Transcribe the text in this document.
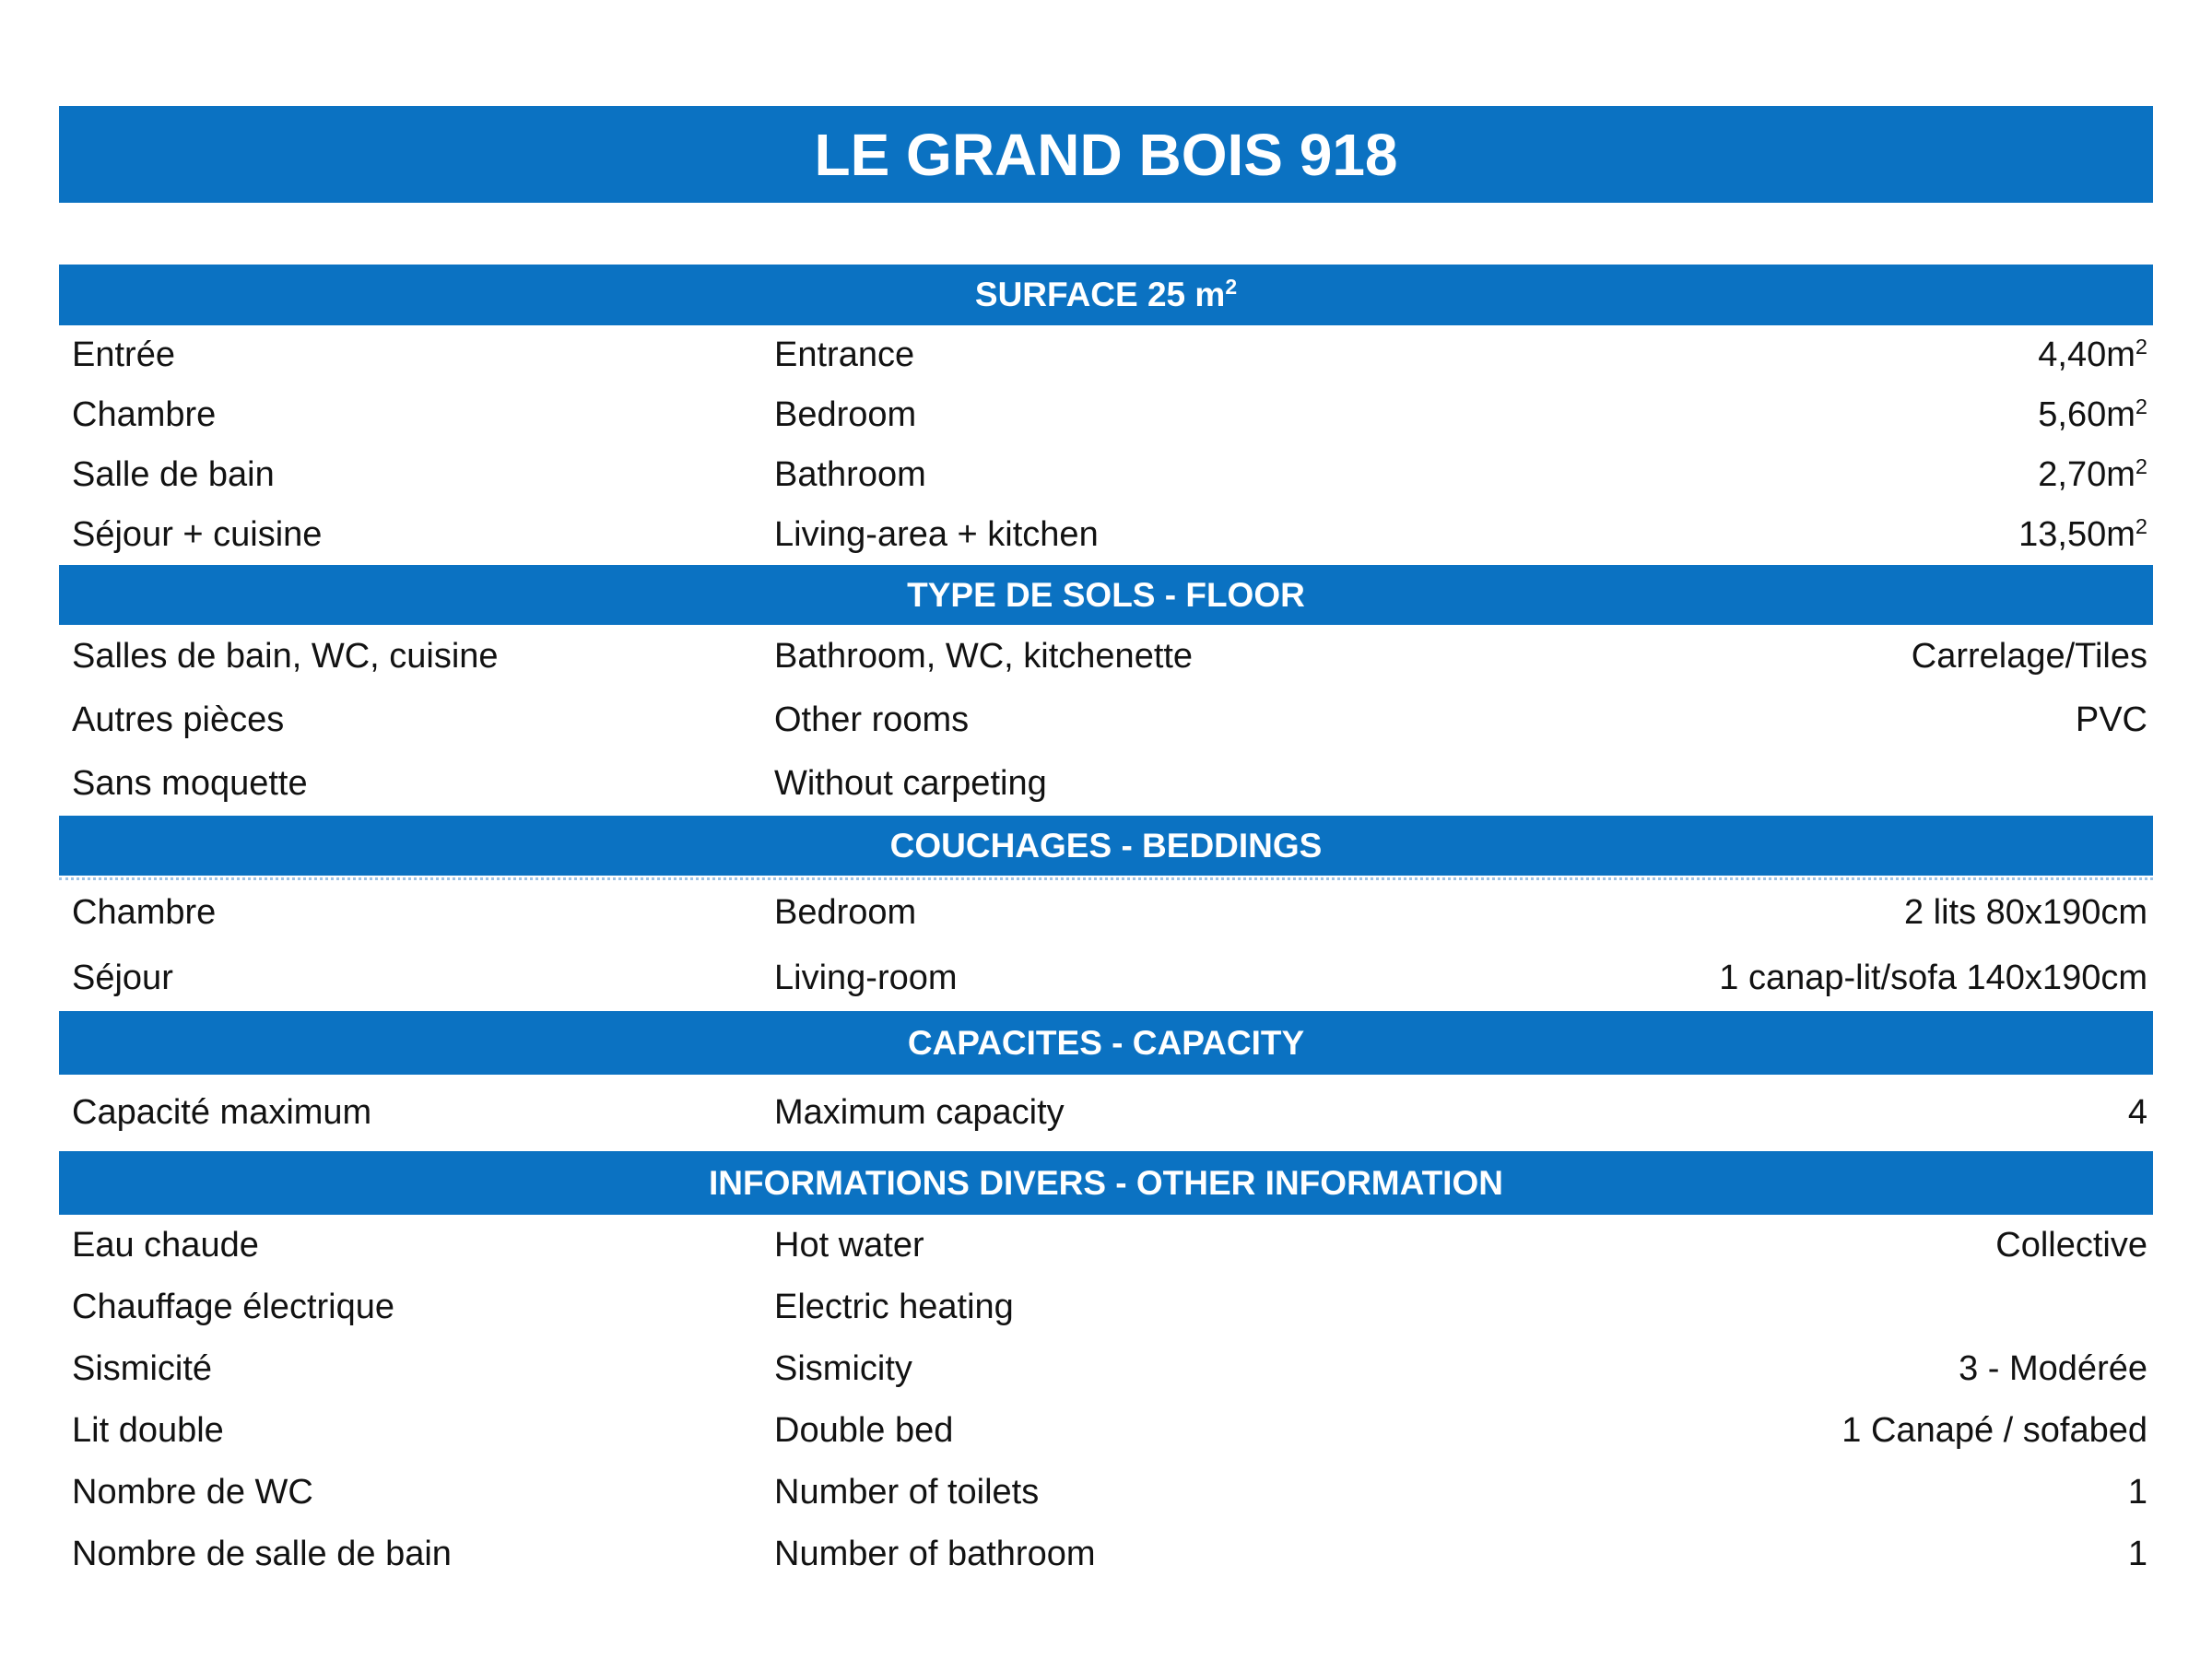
LE GRAND BOIS 918
SURFACE 25 $m^2$
Entrée	Entrance	$4,40m^2$
Chambre	Bedroom	$5,60m^2$
Salle de bain	Bathroom	$2,70m^2$
Séjour + cuisine	Living-area + kitchen	$13,50m^2$
TYPE DE SOLS - FLOOR
Salles de bain, WC, cuisine	Bathroom, WC, kitchenette	Carrelage/Tiles
Autres pièces	Other rooms	PVC
Sans moquette	Without carpeting
COUCHAGES - BEDDINGS
Chambre	Bedroom	2 lits 80x190cm
Séjour	Living-room	1 canap-lit/sofa 140x190cm
CAPACITES - CAPACITY
Capacité maximum	Maximum capacity	4
INFORMATIONS DIVERS - OTHER INFORMATION
Eau chaude	Hot water	Collective
Chauffage électrique	Electric heating
Sismicité	Sismicity	3 - Modérée
Lit double	Double bed	1 Canapé / sofabed
Nombre de WC	Number of toilets	1
Nombre de salle de bain	Number of bathroom	1
